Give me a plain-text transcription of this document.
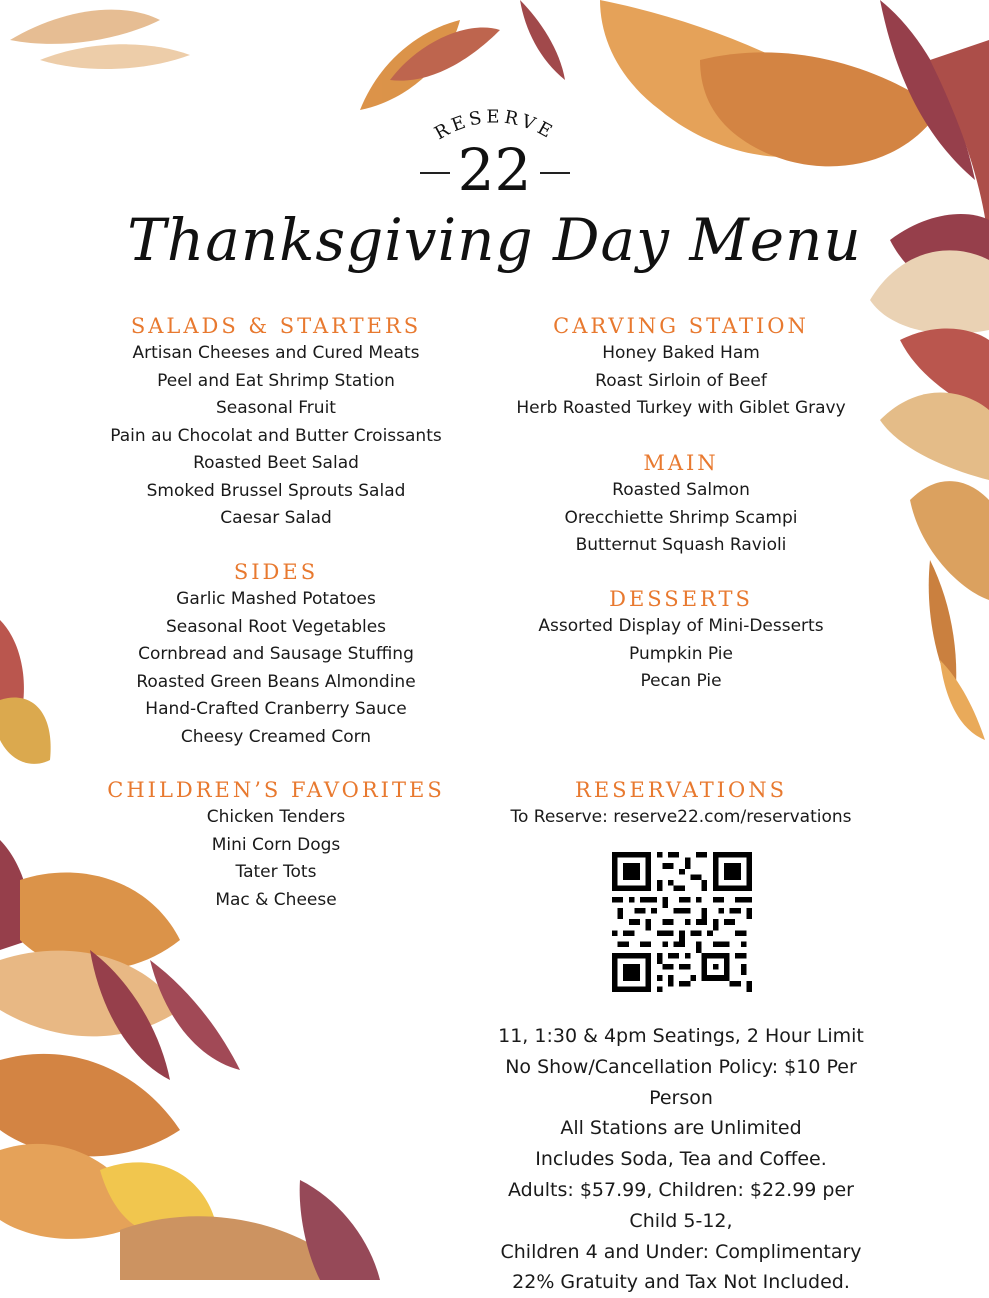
RESERVE
22
Thanksgiving Day Menu
SALADS & STARTERS
Artisan Cheeses and Cured Meats
Peel and Eat Shrimp Station
Seasonal Fruit
Pain au Chocolat and Butter Croissants
Roasted Beet Salad
Smoked Brussel Sprouts Salad
Caesar Salad
SIDES
Garlic Mashed Potatoes
Seasonal Root Vegetables
Cornbread and Sausage Stuffing
Roasted Green Beans Almondine
Hand-Crafted Cranberry Sauce
Cheesy Creamed Corn
CHILDREN’S FAVORITES
Chicken Tenders
Mini Corn Dogs
Tater Tots
Mac & Cheese
CARVING STATION
Honey Baked Ham
Roast Sirloin of Beef
Herb Roasted Turkey with Giblet Gravy
MAIN
Roasted Salmon
Orecchiette Shrimp Scampi
Butternut Squash Ravioli
DESSERTS
Assorted Display of Mini-Desserts
Pumpkin Pie
Pecan Pie
RESERVATIONS
To Reserve: reserve22.com/reservations
11, 1:30 & 4pm Seatings, 2 Hour Limit
No Show/Cancellation Policy: $10 Per Person
All Stations are Unlimited
Includes Soda, Tea and Coffee.
Adults: $57.99, Children: $22.99 per Child 5-12,
Children 4 and Under: Complimentary
22% Gratuity and Tax Not Included.
